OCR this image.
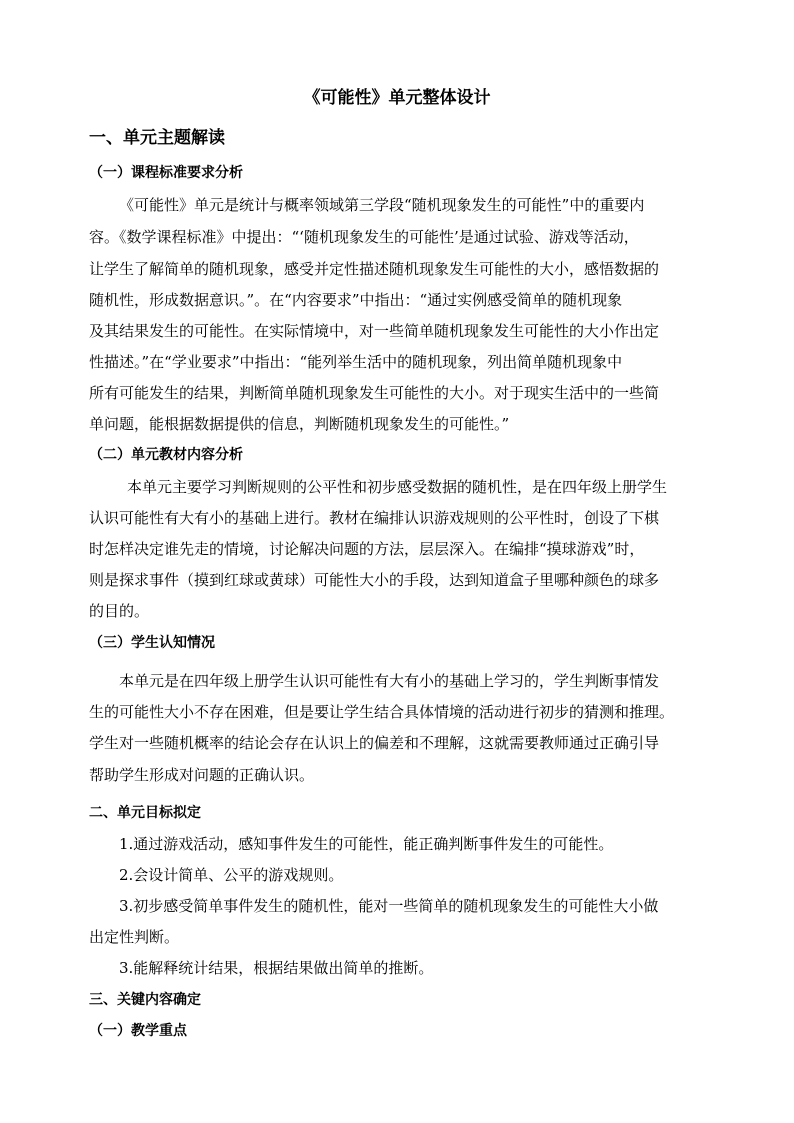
《可能性》单元整体设计
一、单元主题解读
（一）课程标准要求分析
《可能性》单元是统计与概率领域第三学段“随机现象发生的可能性”中的重要内
容。《数学课程标准》中提出：“‘随机现象发生的可能性’是通过试验、游戏等活动，
让学生了解简单的随机现象，感受并定性描述随机现象发生可能性的大小，感悟数据的
随机性，形成数据意识。”。在“内容要求”中指出：“通过实例感受简单的随机现象
及其结果发生的可能性。在实际情境中，对一些简单随机现象发生可能性的大小作出定
性描述。”在“学业要求”中指出：“能列举生活中的随机现象，列出简单随机现象中
所有可能发生的结果，判断简单随机现象发生可能性的大小。对于现实生活中的一些简
单问题，能根据数据提供的信息，判断随机现象发生的可能性。”
（二）单元教材内容分析
本单元主要学习判断规则的公平性和初步感受数据的随机性，是在四年级上册学生
认识可能性有大有小的基础上进行。教材在编排认识游戏规则的公平性时，创设了下棋
时怎样决定谁先走的情境，讨论解决问题的方法，层层深入。在编排“摸球游戏”时，
则是探求事件（摸到红球或黄球）可能性大小的手段，达到知道盒子里哪种颜色的球多
的目的。
（三）学生认知情况
本单元是在四年级上册学生认识可能性有大有小的基础上学习的，学生判断事情发
生的可能性大小不存在困难，但是要让学生结合具体情境的活动进行初步的猜测和推理。
学生对一些随机概率的结论会存在认识上的偏差和不理解，这就需要教师通过正确引导
帮助学生形成对问题的正确认识。
二、单元目标拟定
1.通过游戏活动，感知事件发生的可能性，能正确判断事件发生的可能性。
2.会设计简单、公平的游戏规则。
3.初步感受简单事件发生的随机性，能对一些简单的随机现象发生的可能性大小做
出定性判断。
3.能解释统计结果，根据结果做出简单的推断。
三、关键内容确定
（一）教学重点
